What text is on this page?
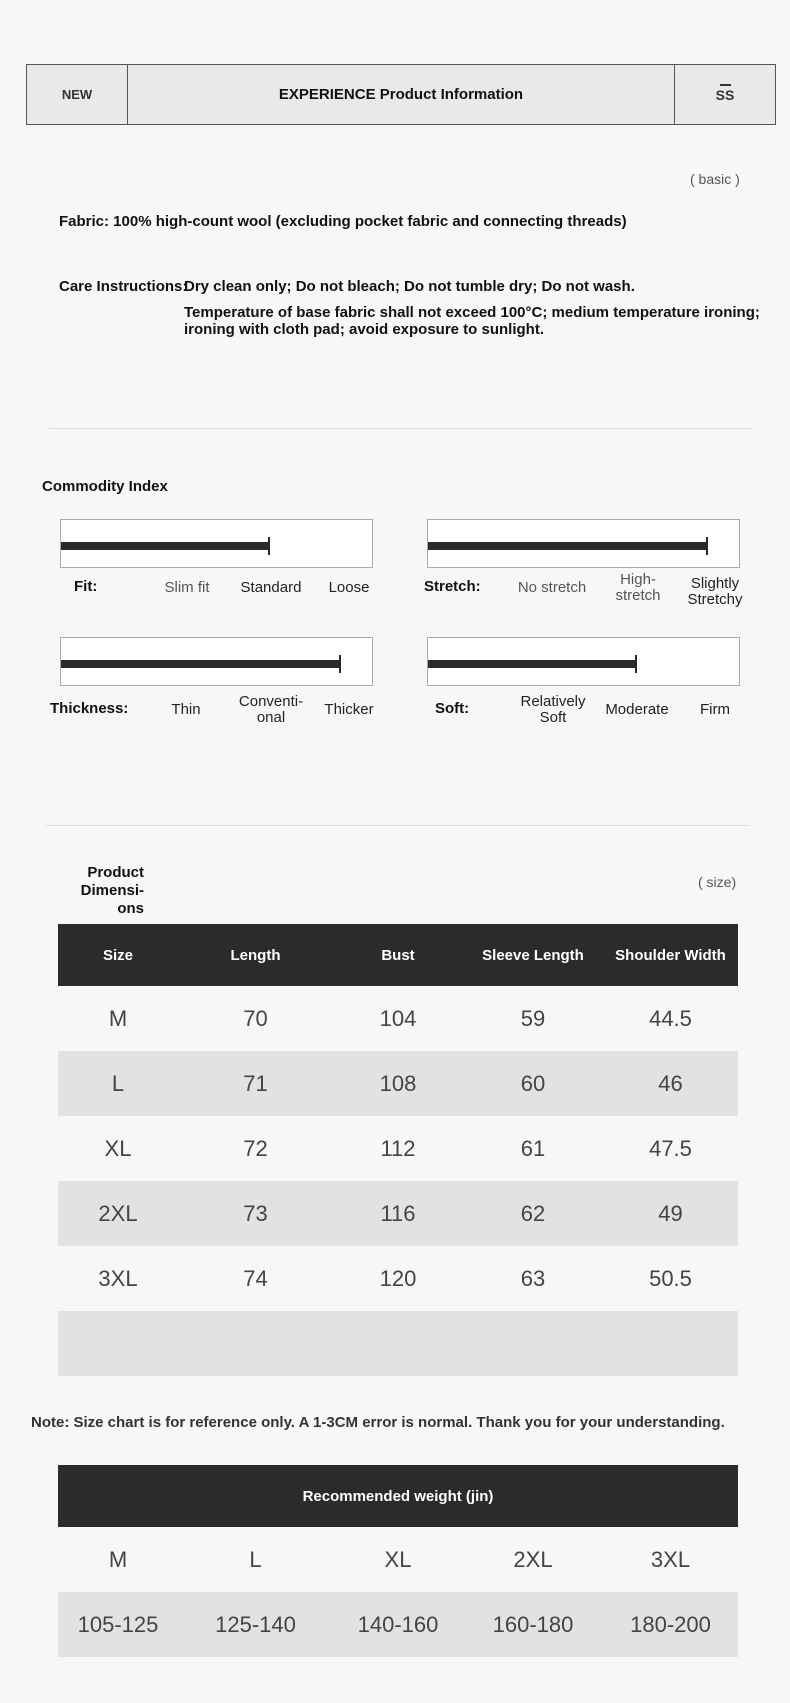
NEW	EXPERIENCE Product Information	SS
( basic )
Fabric: 100% high-count wool (excluding pocket fabric and connecting threads)
Care Instructions:
Dry clean only; Do not bleach; Do not tumble dry; Do not wash.
Temperature of base fabric shall not exceed 100°C; medium temperature ironing;
ironing with cloth pad; avoid exposure to sunlight.
Commodity Index
Fit:	Slim fit	Standard	Loose	Stretch:	No stretch	High-
stretch
Slightly
Stretchy
Thickness:	Thin	Conventi-
onal	Thicker	Soft:	Relatively
Soft	Moderate	Firm
Product Dimensi-
ons
( size)
Size	Length	Bust	Sleeve Length	Shoulder Width
M	70	104	59	44.5
L	71	108	60	46
XL	72	112	61	47.5
2XL	73	116	62	49
3XL	74	120	63	50.5
Note: Size chart is for reference only. A 1-3CM error is normal. Thank you for your understanding.
Recommended weight (jin)
M	L	XL	2XL	3XL
105-125	125-140	140-160	160-180	180-200
